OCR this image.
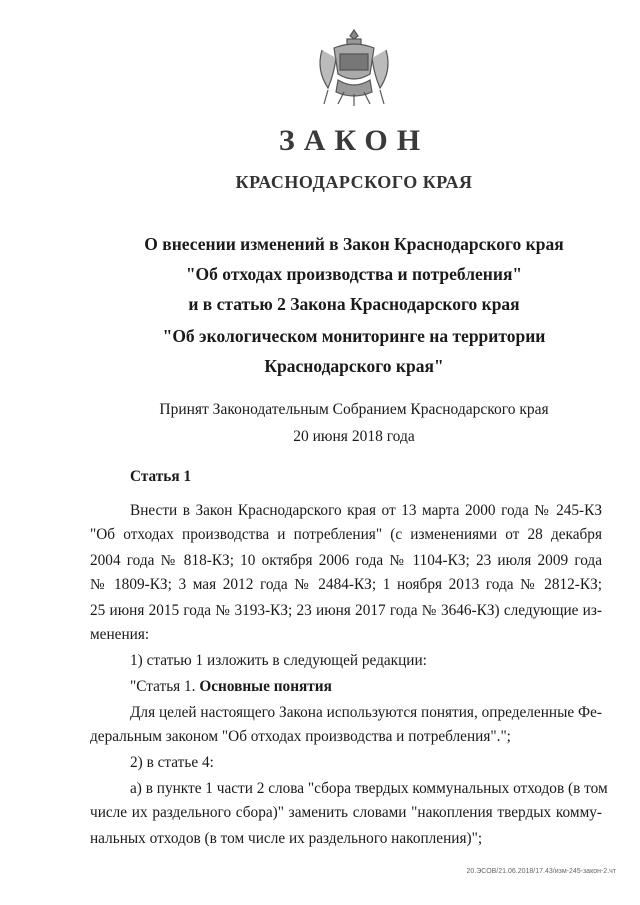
ЗАКОН
КРАСНОДАРСКОГО КРАЯ
О внесении изменений в Закон Краснодарского края
"Об отходах производства и потребления"
и в статью 2 Закона Краснодарского края
"Об экологическом мониторинге на территории
Краснодарского края"
Принят Законодательным Собранием Краснодарского края
20 июня 2018 года
Статья 1
Внести в Закон Краснодарского края от 13 марта 2000 года № 245-КЗ
"Об отходах производства и потребления" (с изменениями от 28 декабря
2004 года № 818-КЗ; 10 октября 2006 года № 1104-КЗ; 23 июля 2009 года
№ 1809-КЗ; 3 мая 2012 года № 2484-КЗ; 1 ноября 2013 года № 2812-КЗ;
25 июня 2015 года № 3193-КЗ; 23 июня 2017 года № 3646-КЗ) следующие из-
менения:
1) статью 1 изложить в следующей редакции:
"Статья 1. Основные понятия
Для целей настоящего Закона используются понятия, определенные Фе-
деральным законом "Об отходах производства и потребления".";
2) в статье 4:
а) в пункте 1 части 2 слова "сбора твердых коммунальных отходов (в том
числе их раздельного сбора)" заменить словами "накопления твердых комму-
нальных отходов (в том числе их раздельного накопления)";
20.ЭСОВ/21.06.2018/17.43/изм-245-закон-2.чт
